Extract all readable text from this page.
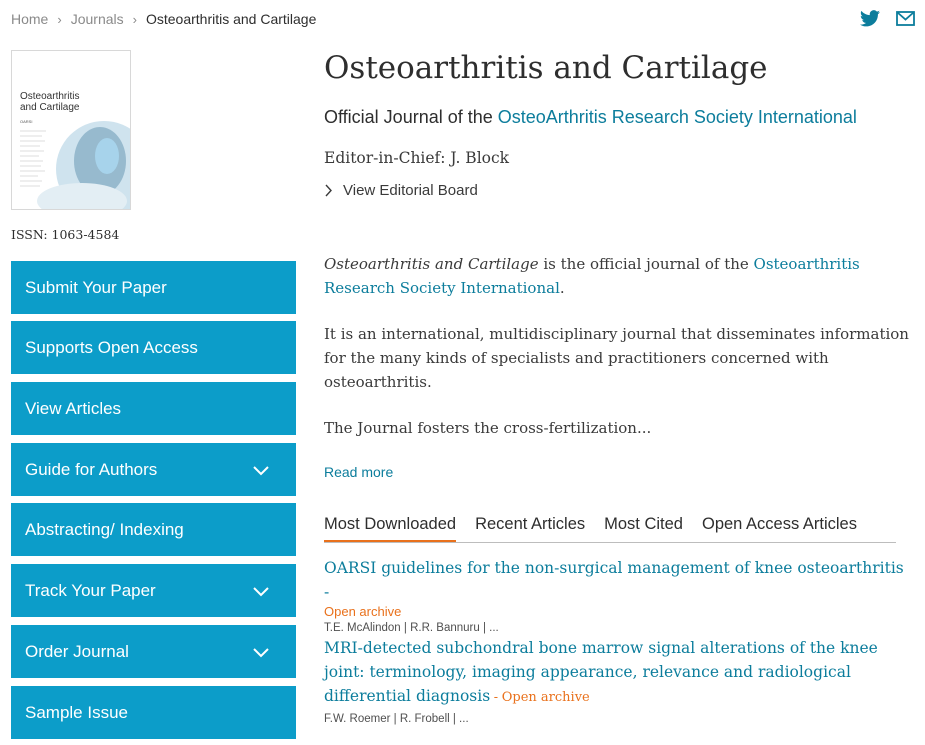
Home › Journals › Osteoarthritis and Cartilage
Osteoarthritis
and Cartilage
OARSI
ISSN: 1063-4584
Submit Your Paper
Supports Open Access
View Articles
Guide for Authors
Abstracting/ Indexing
Track Your Paper
Order Journal
Sample Issue
Osteoarthritis and Cartilage
Official Journal of the OsteoArthritis Research Society International
Editor-in-Chief: J. Block
View Editorial Board

Osteoarthritis and Cartilage is the official journal of the Osteoarthritis Research Society International.

It is an international, multidisciplinary journal that disseminates information for the many kinds of specialists and practitioners concerned with osteoarthritis.

The Journal fosters the cross-fertilization...

Read more
Most Downloaded Recent Articles Most Cited Open Access Articles
OARSI guidelines for the non-surgical management of knee osteoarthritis -
Open archive
T.E. McAlindon | R.R. Bannuru | ...
MRI-detected subchondral bone marrow signal alterations of the knee joint: terminology, imaging appearance, relevance and radiological differential diagnosis - Open archive
F.W. Roemer | R. Frobell | ...
